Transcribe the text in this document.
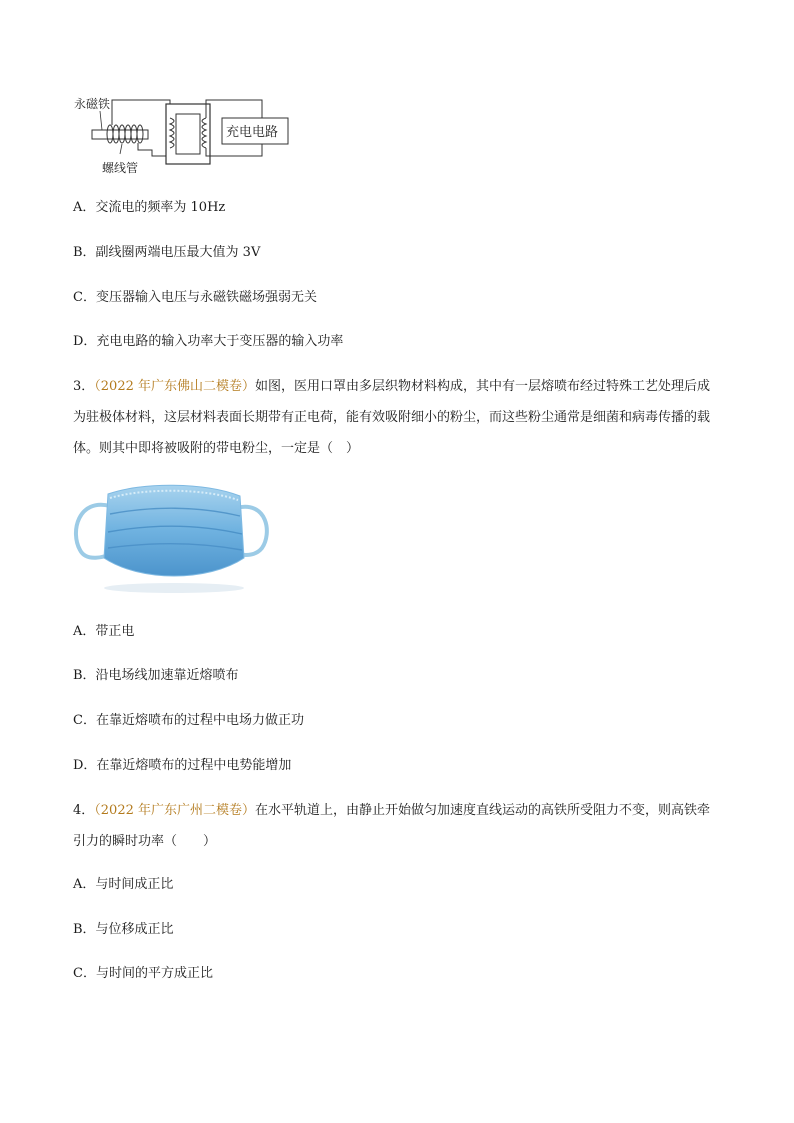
永磁铁
螺线管
充电电路
A．交流电的频率为 10Hz
B．副线圈两端电压最大值为 3V
C．变压器输入电压与永磁铁磁场强弱无关
D．充电电路的输入功率大于变压器的输入功率
3．（2022 年广东佛山二模卷）如图，医用口罩由多层织物材料构成，其中有一层熔喷布经过特殊工艺处理后成为驻极体材料，这层材料表面长期带有正电荷，能有效吸附细小的粉尘，而这些粉尘通常是细菌和病毒传播的载体。则其中即将被吸附的带电粉尘，一定是（　）
A．带正电
B．沿电场线加速靠近熔喷布
C．在靠近熔喷布的过程中电场力做正功
D．在靠近熔喷布的过程中电势能增加
4．（2022 年广东广州二模卷）在水平轨道上，由静止开始做匀加速度直线运动的高铁所受阻力不变，则高铁牵引力的瞬时功率（　　）
A．与时间成正比
B．与位移成正比
C．与时间的平方成正比
